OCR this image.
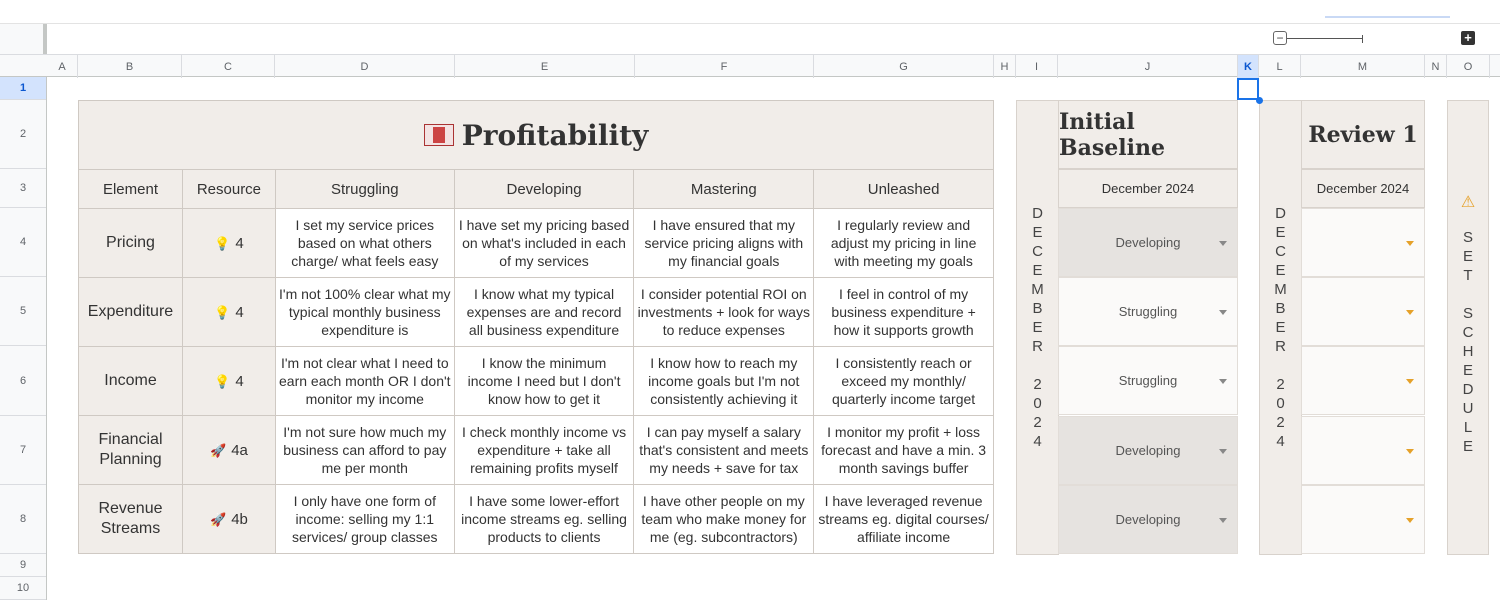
−	+
A	B	C	D	E	F	G	H	I	J	K	L	M	N	O
1
2
3
4
5
6
7
8
9
10
Profitability					
Element	Resource	Struggling	Developing	Mastering	Unleashed
Pricing	💡 4	I set my service prices based on what others charge/ what feels easy	I have set my pricing based on what's included in each of my services	I have ensured that my service pricing aligns with my financial goals	I regularly review and adjust my pricing in line with meeting my goals
Expenditure	💡 4	I'm not 100% clear what my typical monthly business expenditure is	I know what my typical expenses are and record all business expenditure	I consider potential ROI on investments + look for ways to reduce expenses	I feel in control of my business expenditure + how it supports growth
Income	💡 4	I'm not clear what I need to earn each month OR I don't monitor my income	I know the minimum income I need but I don't know how to get it	I know how to reach my income goals but I'm not consistently achieving it	I consistently reach or exceed my monthly/ quarterly income target
Financial Planning	🚀 4a	I'm not sure how much my business can afford to pay me per month	I check monthly income vs expenditure + take all remaining profits myself	I can pay myself a salary that's consistent and meets my needs + save for tax	I monitor my profit + loss forecast and have a min. 3 month savings buffer
Revenue Streams	🚀 4b	I only have one form of income: selling my 1:1 services/ group classes	I have some lower-effort income streams eg. selling products to clients	I have other people on my team who make money for me (eg. subcontractors)	I have leveraged revenue streams eg. digital courses/ affiliate income
D
E
C
E
M
B
E
R

2
0
2
4
Initial Baseline
December 2024
Developing
Struggling
Struggling
Developing
Developing
D
E
C
E
M
B
E
R

2
0
2
4
Review 1
December 2024
⚠
S
E
T

S
C
H
E
D
U
L
E
